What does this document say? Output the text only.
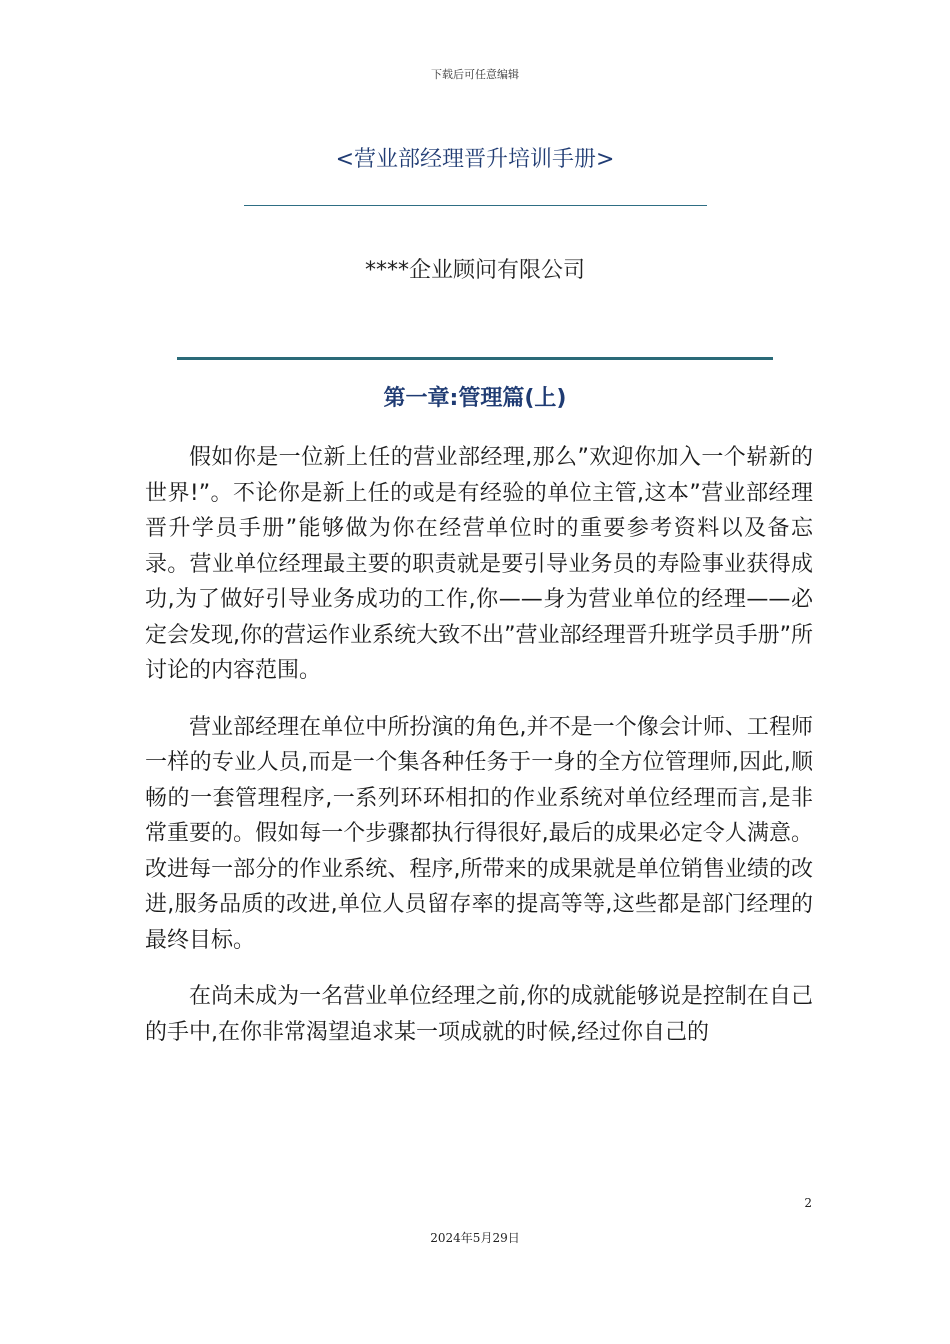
下载后可任意编辑
<营业部经理晋升培训手册>
****企业顾问有限公司
第一章:管理篇(上)

假如你是一位新上任的营业部经理,那么”欢迎你加入一个崭新的世界!”。不论你是新上任的或是有经验的单位主管,这本”营业部经理晋升学员手册”能够做为你在经营单位时的重要参考资料以及备忘录。营业单位经理最主要的职责就是要引导业务员的寿险事业获得成功,为了做好引导业务成功的工作,你——身为营业单位的经理——必定会发现,你的营运作业系统大致不出”营业部经理晋升班学员手册”所讨论的内容范围。

营业部经理在单位中所扮演的角色,并不是一个像会计师、工程师一样的专业人员,而是一个集各种任务于一身的全方位管理师,因此,顺畅的一套管理程序,一系列环环相扣的作业系统对单位经理而言,是非常重要的。假如每一个步骤都执行得很好,最后的成果必定令人满意。改进每一部分的作业系统、程序,所带来的成果就是单位销售业绩的改进,服务品质的改进,单位人员留存率的提高等等,这些都是部门经理的最终目标。

在尚未成为一名营业单位经理之前,你的成就能够说是控制在自己的手中,在你非常渴望追求某一项成就的时候,经过你自己的

2
2024年5月29日
